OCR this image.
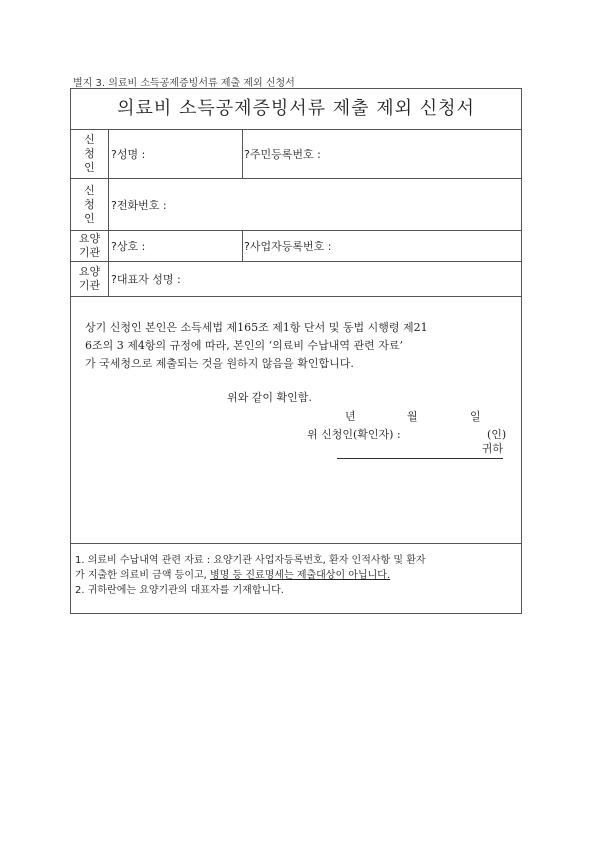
별지 3. 의료비 소득공제증빙서류 제출 제외 신청서
의료비 소득공제증빙서류 제출 제외 신청서
신청인
?성명 :	?주민등록번호 :
신청인
?전화번호 :
요양기관 ?상호 :	?사업자등록번호 :
요양기관 ?대표자 성명 :

상기 신청인 본인은 소득세법 제165조 제1항 단서 및 동법 시행령 제21

6조의 3 제4항의 규정에 따라, 본인의 ‘의료비 수납내역 관련 자료’

가 국세청으로 제출되는 것을 원하지 않음을 확인합니다.

위와 같이 확인함.
년	월	일
위 신청인(확인자) :	(인)
귀하

1. 의료비 수납내역 관련 자료 : 요양기관 사업자등록번호, 환자 인적사항 및 환자

가 지출한 의료비 금액 등이고, 병명 등 진료명세는 제출대상이 아닙니다.

2. 귀하란에는 요양기관의 대표자를 기재합니다.
